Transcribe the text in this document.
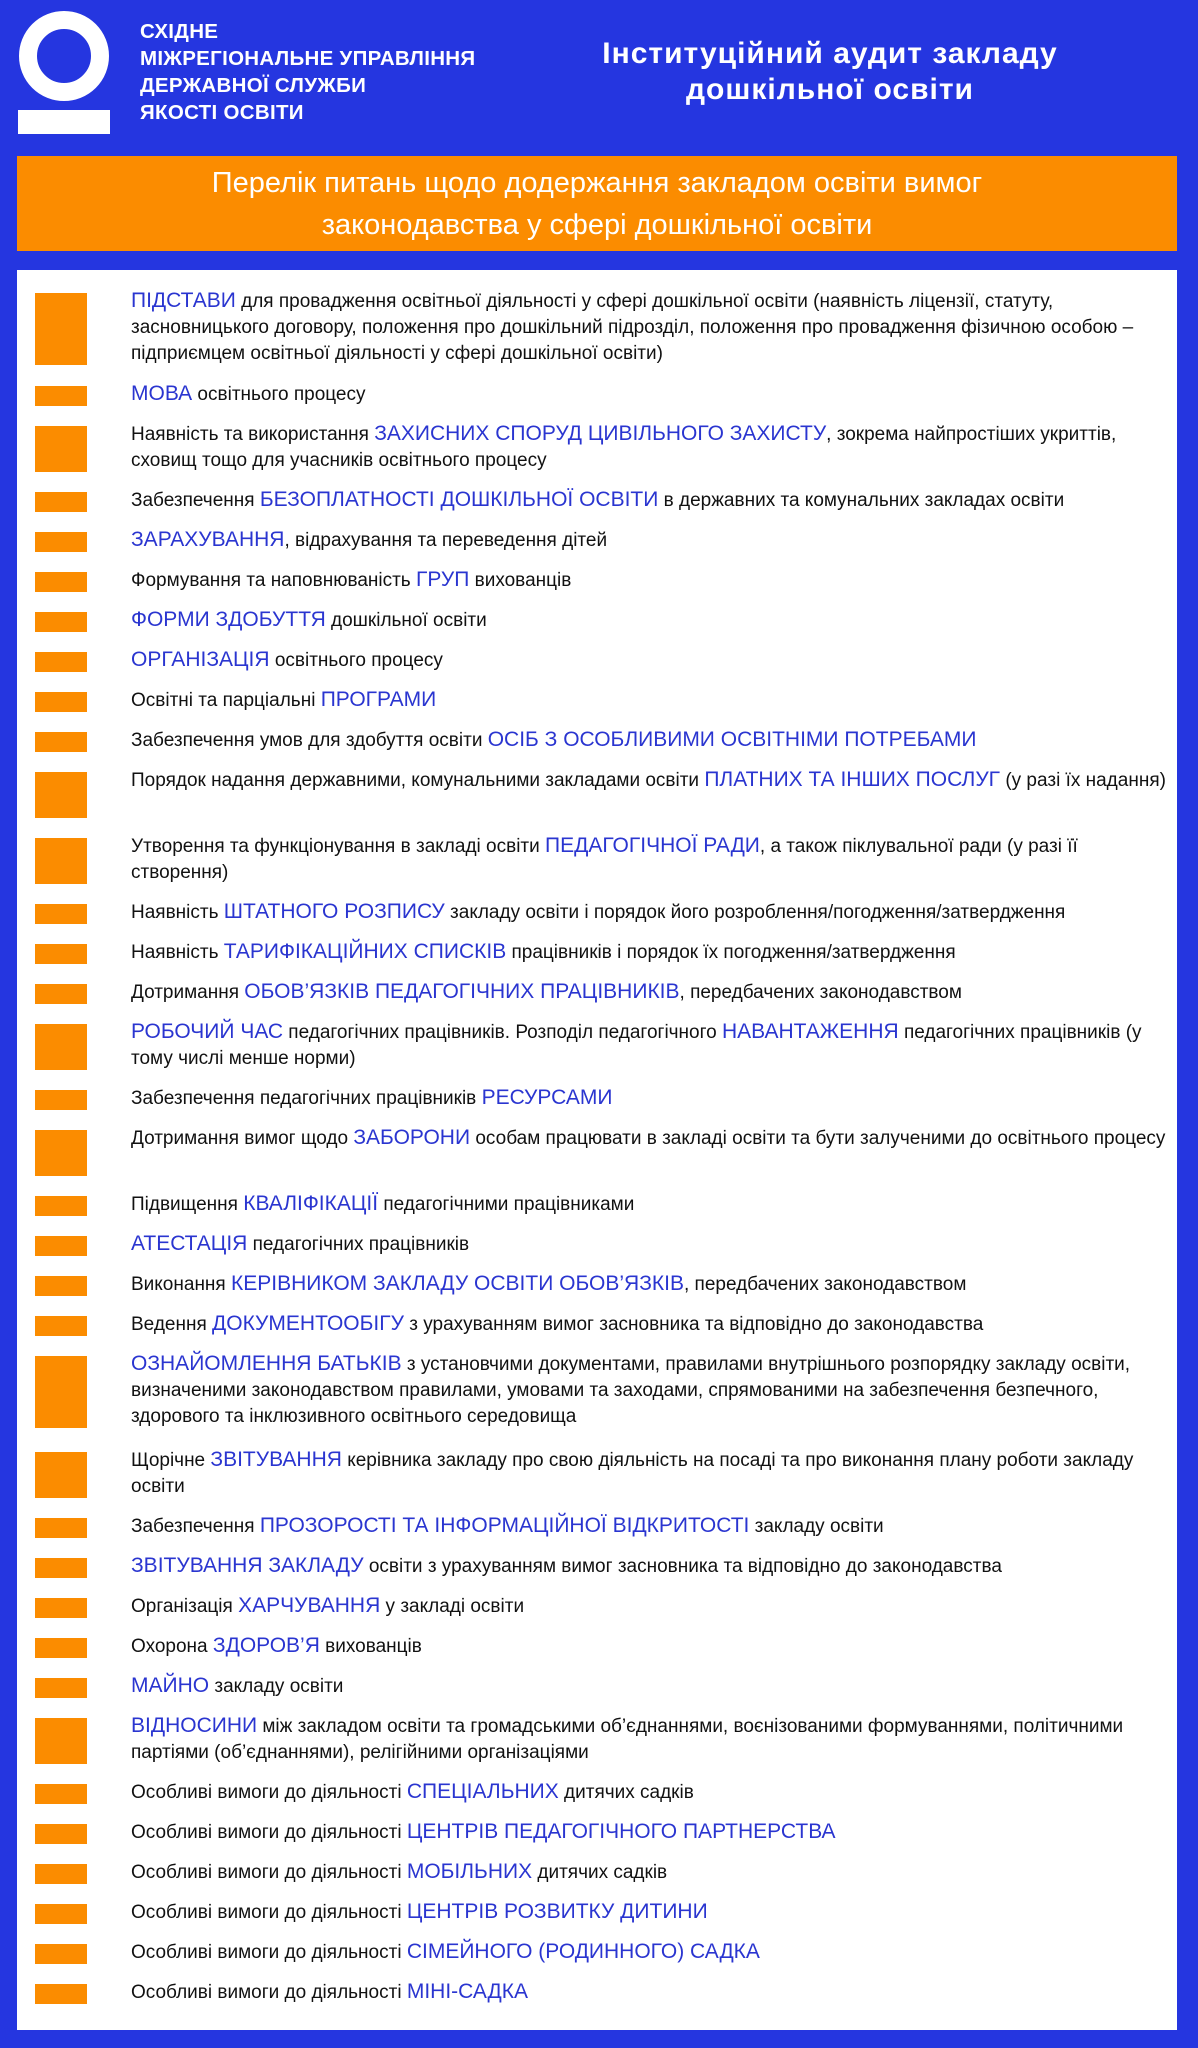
СХІДНЕ
МІЖРЕГІОНАЛЬНЕ УПРАВЛІННЯ
ДЕРЖАВНОЇ СЛУЖБИ
ЯКОСТІ ОСВІТИ
Інституційний аудит закладу
дошкільної освіти
Перелік питань щодо додержання закладом освіти вимог
законодавства у сфері дошкільної освіти
ПІДСТАВИ для провадження освітньої діяльності у сфері дошкільної освіти (наявність ліцензії, статуту, засновницького договору, положення про дошкільний підрозділ, положення про провадження фізичною особою – підприємцем освітньої діяльності у сфері дошкільної освіти)
МОВА освітнього процесу
Наявність та використання ЗАХИСНИХ СПОРУД ЦИВІЛЬНОГО ЗАХИСТУ, зокрема найпростіших укриттів, сховищ тощо для учасників освітнього процесу
Забезпечення БЕЗОПЛАТНОСТІ ДОШКІЛЬНОЇ ОСВІТИ в державних та комунальних закладах освіти
ЗАРАХУВАННЯ, відрахування та переведення дітей
Формування та наповнюваність ГРУП вихованців
ФОРМИ ЗДОБУТТЯ дошкільної освіти
ОРГАНІЗАЦІЯ освітнього процесу
Освітні та парціальні ПРОГРАМИ
Забезпечення умов для здобуття освіти ОСІБ З ОСОБЛИВИМИ ОСВІТНІМИ ПОТРЕБАМИ
Порядок надання державними, комунальними закладами освіти ПЛАТНИХ ТА ІНШИХ ПОСЛУГ (у разі їх надання)
Утворення та функціонування в закладі освіти ПЕДАГОГІЧНОЇ РАДИ, а також піклувальної ради (у разі її створення)
Наявність ШТАТНОГО РОЗПИСУ закладу освіти і порядок його розроблення/погодження/затвердження
Наявність ТАРИФІКАЦІЙНИХ СПИСКІВ працівників і порядок їх погодження/затвердження
Дотримання ОБОВ’ЯЗКІВ ПЕДАГОГІЧНИХ ПРАЦІВНИКІВ, передбачених законодавством
РОБОЧИЙ ЧАС педагогічних працівників. Розподіл педагогічного НАВАНТАЖЕННЯ педагогічних працівників (у тому числі менше норми)
Забезпечення педагогічних працівників РЕСУРСАМИ
Дотримання вимог щодо ЗАБОРОНИ особам працювати в закладі освіти та бути залученими до освітнього процесу
Підвищення КВАЛІФІКАЦІЇ педагогічними працівниками
АТЕСТАЦІЯ педагогічних працівників
Виконання КЕРІВНИКОМ ЗАКЛАДУ ОСВІТИ ОБОВ’ЯЗКІВ, передбачених законодавством
Ведення ДОКУМЕНТООБІГУ з урахуванням вимог засновника та відповідно до законодавства
ОЗНАЙОМЛЕННЯ БАТЬКІВ з установчими документами, правилами внутрішнього розпорядку закладу освіти, визначеними законодавством правилами, умовами та заходами, спрямованими на забезпечення безпечного, здорового та інклюзивного освітнього середовища
Щорічне ЗВІТУВАННЯ керівника закладу про свою діяльність на посаді та про виконання плану роботи закладу освіти
Забезпечення ПРОЗОРОСТІ ТА ІНФОРМАЦІЙНОЇ ВІДКРИТОСТІ закладу освіти
ЗВІТУВАННЯ ЗАКЛАДУ освіти з урахуванням вимог засновника та відповідно до законодавства
Організація ХАРЧУВАННЯ у закладі освіти
Охорона ЗДОРОВ’Я вихованців
МАЙНО закладу освіти
ВІДНОСИНИ між закладом освіти та громадськими об’єднаннями, воєнізованими формуваннями, політичними партіями (об’єднаннями), релігійними організаціями
Особливі вимоги до діяльності СПЕЦІАЛЬНИХ дитячих садків
Особливі вимоги до діяльності ЦЕНТРІВ ПЕДАГОГІЧНОГО ПАРТНЕРСТВА
Особливі вимоги до діяльності МОБІЛЬНИХ дитячих садків
Особливі вимоги до діяльності ЦЕНТРІВ РОЗВИТКУ ДИТИНИ
Особливі вимоги до діяльності СІМЕЙНОГО (РОДИННОГО) САДКА
Особливі вимоги до діяльності МІНІ-САДКА
